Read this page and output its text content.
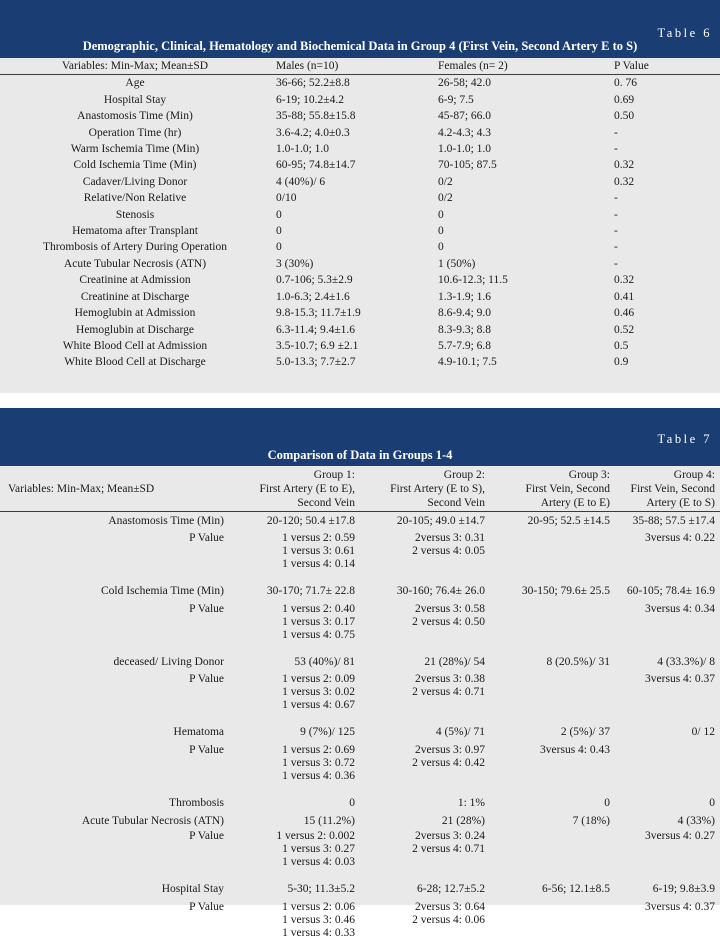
Table 6
Demographic, Clinical, Hematology and Biochemical Data in Group 4 (First Vein, Second Artery E to S)
Variables: Min-Max; Mean±SD	Males (n=10)	Females (n= 2)	P Value
Age	36-66; 52.2±8.8	26-58; 42.0	0. 76
Hospital Stay	6-19; 10.2±4.2	6-9; 7.5	0.69
Anastomosis Time (Min)	35-88; 55.8±15.8	45-87; 66.0	0.50
Operation Time (hr)	3.6-4.2; 4.0±0.3	4.2-4.3; 4.3	-
Warm Ischemia Time (Min)	1.0-1.0; 1.0	1.0-1.0; 1.0	-
Cold Ischemia Time (Min)	60-95; 74.8±14.7	70-105; 87.5	0.32
Cadaver/Living Donor	4 (40%)/ 6	0/2	0.32
Relative/Non Relative	0/10	0/2	-
Stenosis	0	0	-
Hematoma after Transplant	0	0	-
Thrombosis of Artery During Operation	0	0	-
Acute Tubular Necrosis (ATN)	3 (30%)	1 (50%)	-
Creatinine at Admission	0.7-106; 5.3±2.9	10.6-12.3; 11.5	0.32
Creatinine at Discharge	1.0-6.3; 2.4±1.6	1.3-1.9; 1.6	0.41
Hemoglubin at Admission	9.8-15.3; 11.7±1.9	8.6-9.4; 9.0	0.46
Hemoglubin at Discharge	6.3-11.4; 9.4±1.6	8.3-9.3; 8.8	0.52
White Blood Cell at Admission	3.5-10.7; 6.9 ±2.1	5.7-7.9; 6.8	0.5
White Blood Cell at Discharge	5.0-13.3; 7.7±2.7	4.9-10.1; 7.5	0.9
Table 7
Comparison of Data in Groups 1-4
Variables: Min-Max; Mean±SD	Group 1:
First Artery (E to E),
Second Vein	Group 2:
First Artery (E to S),
Second Vein	Group 3:
First Vein, Second
Artery (E to E)	Group 4:
First Vein, Second
Artery (E to S)

Anastomosis Time (Min)	20-120; 50.4 ±17.8	20-105; 49.0 ±14.7	20-95; 52.5 ±14.5	35-88; 57.5 ±17.4

P Value	1 versus 2: 0.59
1 versus 3: 0.61
1 versus 4: 0.14	2versus 3: 0.31
2 versus 4: 0.05		3versus 4: 0.22

Cold Ischemia Time (Min)	30-170; 71.7± 22.8	30-160; 76.4± 26.0	30-150; 79.6± 25.5	60-105; 78.4± 16.9

P Value	1 versus 2: 0.40
1 versus 3: 0.17
1 versus 4: 0.75	2versus 3: 0.58
2 versus 4: 0.50		3versus 4: 0.34

deceased/ Living Donor	53 (40%)/ 81	21 (28%)/ 54	8 (20.5%)/ 31	4 (33.3%)/ 8

P Value	1 versus 2: 0.09
1 versus 3: 0.02
1 versus 4: 0.67	2versus 3: 0.38
2 versus 4: 0.71		3versus 4: 0.37

Hematoma	9 (7%)/ 125	4 (5%)/ 71	2 (5%)/ 37	0/ 12

P Value	1 versus 2: 0.69
1 versus 3: 0.72
1 versus 4: 0.36	2versus 3: 0.97
2 versus 4: 0.42	3versus 4: 0.43	

Thrombosis	0	1: 1%	0	0

Acute Tubular Necrosis (ATN)	15 (11.2%)	21 (28%)	7 (18%)	4 (33%)

P Value	1 versus 2: 0.002
1 versus 3: 0.27
1 versus 4: 0.03	2versus 3: 0.24
2 versus 4: 0.71		3versus 4: 0.27

Hospital Stay	5-30; 11.3±5.2	6-28; 12.7±5.2	6-56; 12.1±8.5	6-19; 9.8±3.9

P Value	1 versus 2: 0.06
1 versus 3: 0.46
1 versus 4: 0.33	2versus 3: 0.64
2 versus 4: 0.06		3versus 4: 0.37
